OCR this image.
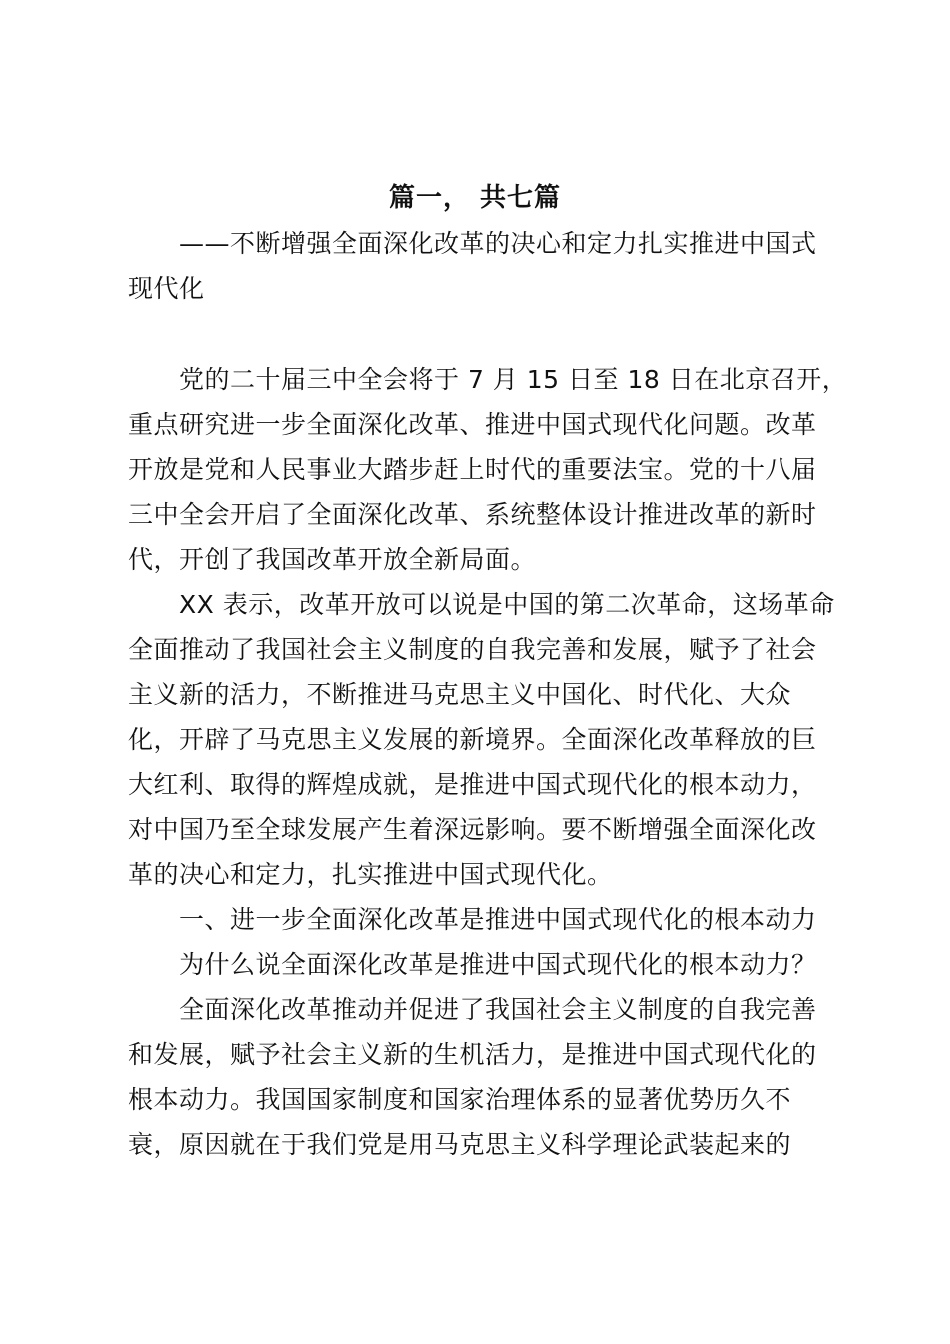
篇一， 共七篇
　　——不断增强全面深化改革的决心和定力扎实推进中国式
现代化
　　党的二十届三中全会将于 7 月 15 日至 18 日在北京召开，
重点研究进一步全面深化改革、推进中国式现代化问题。改革
开放是党和人民事业大踏步赶上时代的重要法宝。党的十八届
三中全会开启了全面深化改革、系统整体设计推进改革的新时
代，开创了我国改革开放全新局面。
　　XX 表示，改革开放可以说是中国的第二次革命，这场革命
全面推动了我国社会主义制度的自我完善和发展，赋予了社会
主义新的活力，不断推进马克思主义中国化、时代化、大众
化，开辟了马克思主义发展的新境界。全面深化改革释放的巨
大红利、取得的辉煌成就，是推进中国式现代化的根本动力，
对中国乃至全球发展产生着深远影响。要不断增强全面深化改
革的决心和定力，扎实推进中国式现代化。
　　一、进一步全面深化改革是推进中国式现代化的根本动力
　　为什么说全面深化改革是推进中国式现代化的根本动力？
　　全面深化改革推动并促进了我国社会主义制度的自我完善
和发展，赋予社会主义新的生机活力，是推进中国式现代化的
根本动力。我国国家制度和国家治理体系的显著优势历久不
衰，原因就在于我们党是用马克思主义科学理论武装起来的
